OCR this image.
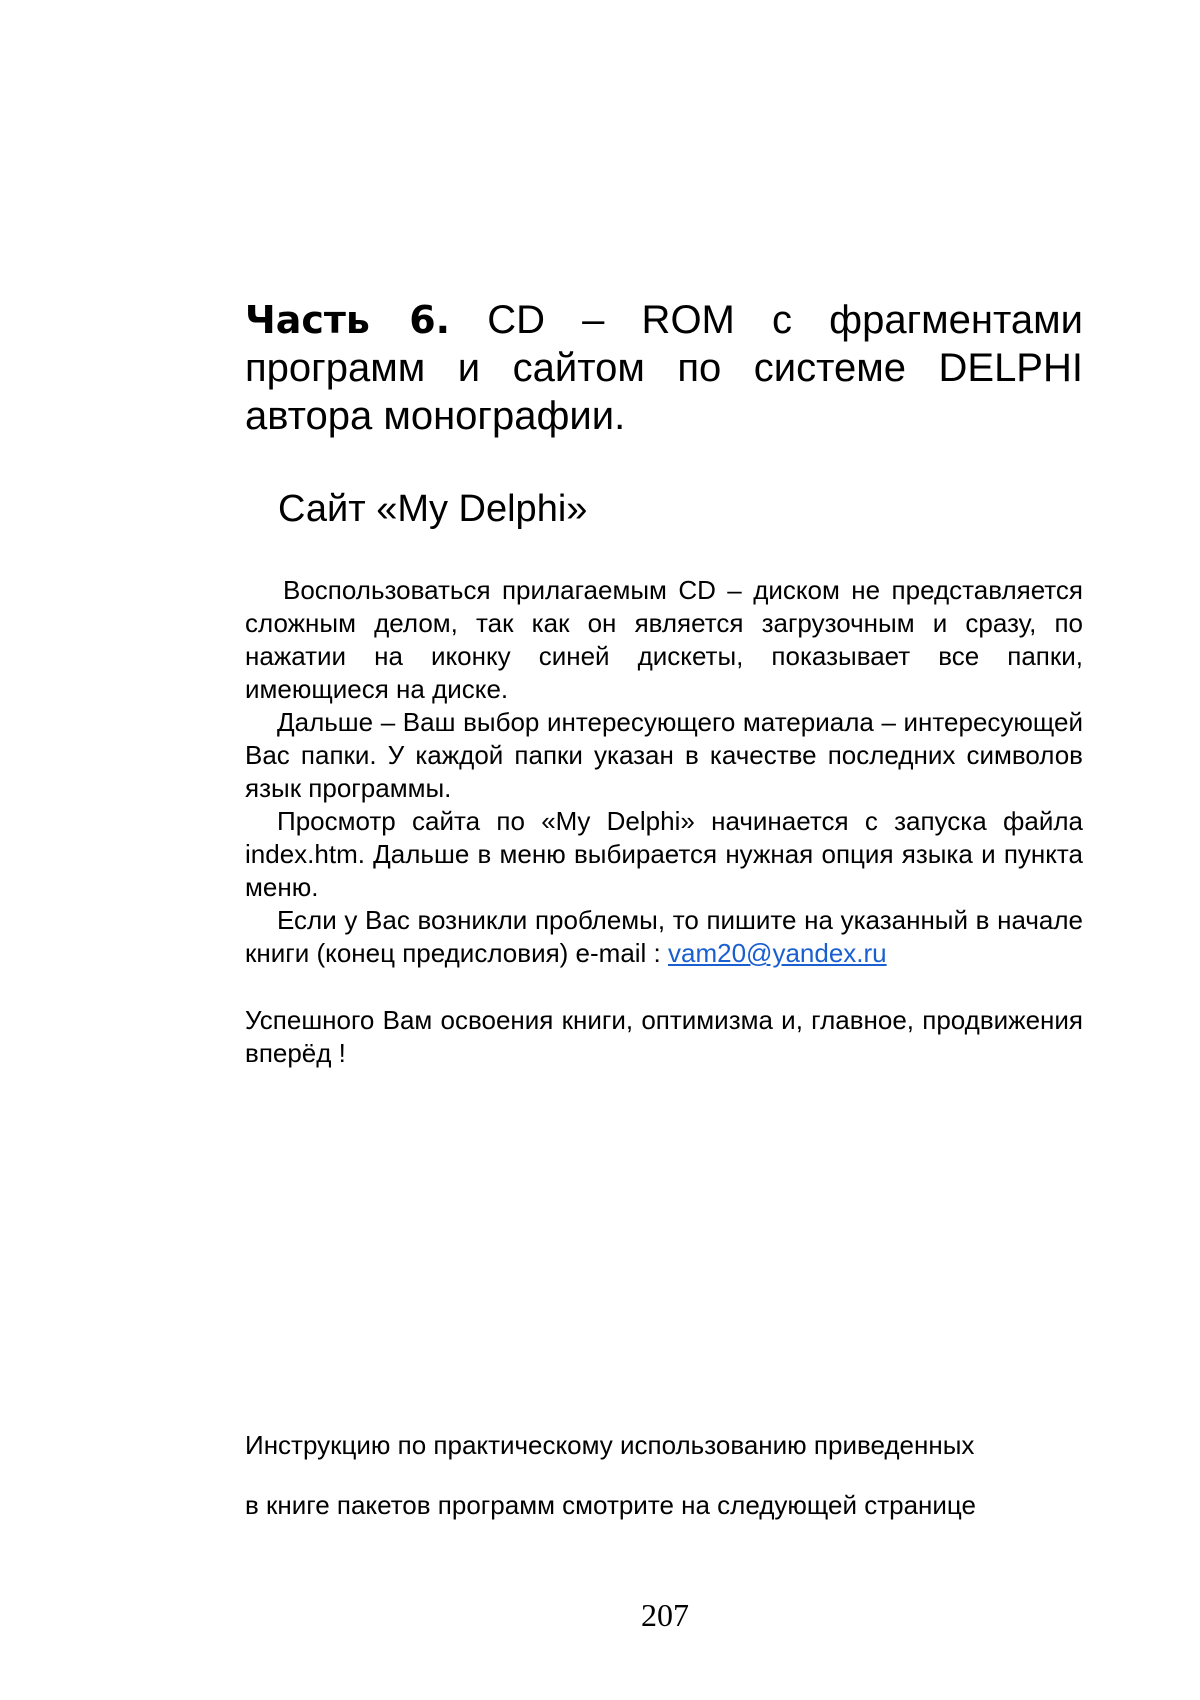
Часть 6. CD – ROM с фрагментами программ и сайтом по системе DELPHI автора монографии.
Сайт «My Delphi»

Воспользоваться прилагаемым CD – диском не представляется сложным делом, так как он является загрузочным и сразу, по нажатии на иконку синей дискеты, показывает все папки, имеющиеся на диске.

Дальше – Ваш выбор интересующего материала – интересующей Вас папки. У каждой папки указан в качестве последних символов язык программы.

Просмотр сайта по «My Delphi» начинается с запуска файла index.htm. Дальше в меню выбирается нужная опция языка и пункта меню.

Если у Вас возникли проблемы, то пишите на указанный в начале книги (конец предисловия) e-mail : vam20@yandex.ru

Успешного Вам освоения книги, оптимизма и, главное, продвижения вперёд !

Инструкцию по практическому использованию приведенных

в книге пакетов программ смотрите на следующей странице

207
